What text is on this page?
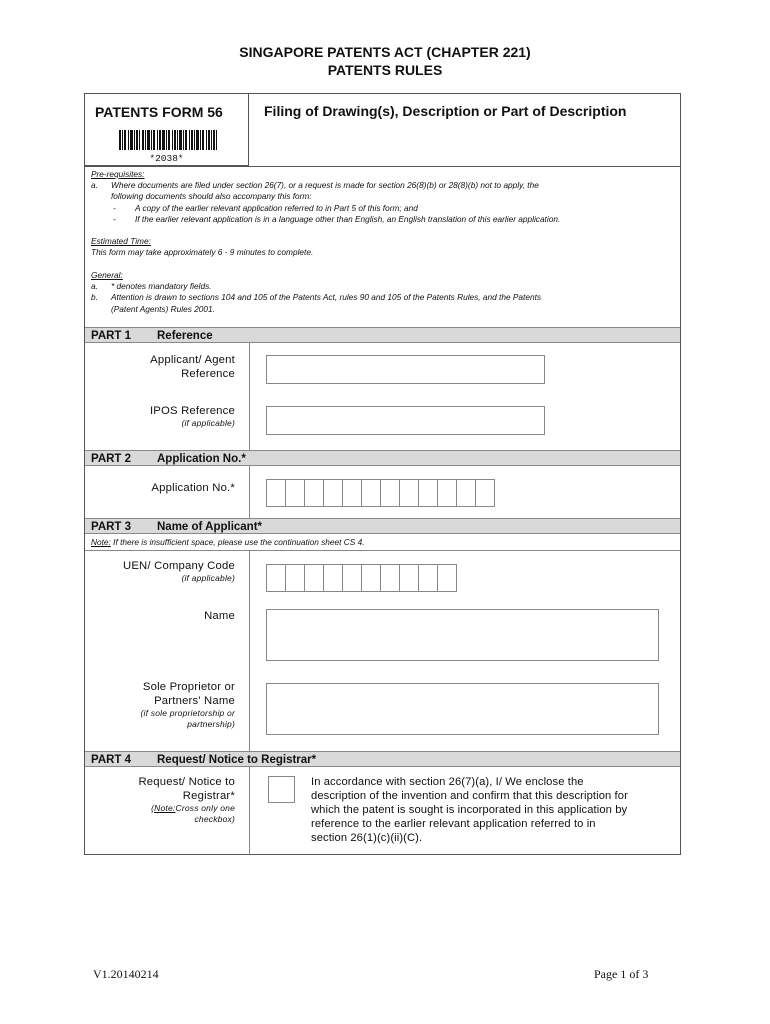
SINGAPORE PATENTS ACT (CHAPTER 221)
PATENTS RULES
PATENTS FORM 56
*2038*
Filing of Drawing(s), Description or Part of Description
Pre-requisites:
a. Where documents are filed under section 26(7), or a request is made for section 26(8)(b) or 28(8)(b) not to apply, the
following documents should also accompany this form:
- A copy of the earlier relevant application referred to in Part 5 of this form; and
- If the earlier relevant application is in a language other than English, an English translation of this earlier application.
Estimated Time:
This form may take approximately 6 - 9 minutes to complete.
General:
a. * denotes mandatory fields.
b. Attention is drawn to sections 104 and 105 of the Patents Act, rules 90 and 105 of the Patents Rules, and the Patents
(Patent Agents) Rules 2001.
PART 1 Reference
Applicant/ Agent
Reference
IPOS Reference
(if applicable)
PART 2 Application No.*
Application No.*
PART 3 Name of Applicant*
Note: If there is insufficient space, please use the continuation sheet CS 4.
UEN/ Company Code
(if applicable)
Name
Sole Proprietor or
Partners' Name
(if sole proprietorship or
partnership)
PART 4 Request/ Notice to Registrar*
Request/ Notice to
Registrar*
(Note:Cross only one
checkbox)
In accordance with section 26(7)(a), I/ We enclose the
description of the invention and confirm that this description for
which the patent is sought is incorporated in this application by
reference to the earlier relevant application referred to in
section 26(1)(c)(ii)(C).
V1.20140214	Page 1 of 3
